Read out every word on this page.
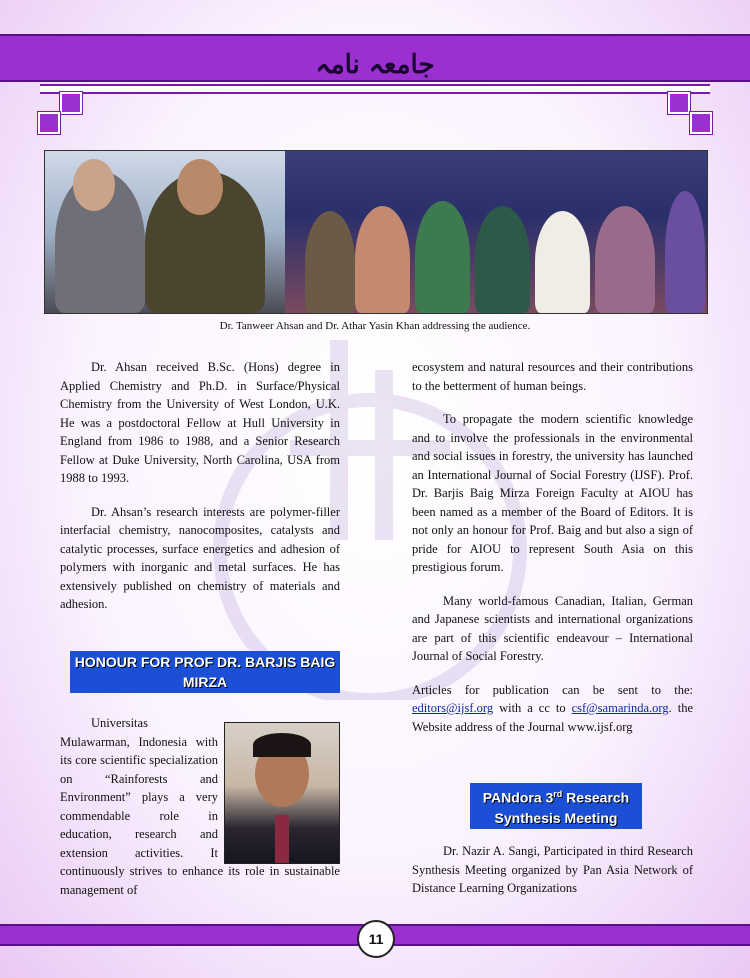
جامعہ نامہ
Dr. Tanweer Ahsan and Dr. Athar Yasin Khan addressing the audience.

Dr. Ahsan received B.Sc. (Hons) degree in Applied Chemistry and Ph.D. in Surface/Physical Chemistry from the University of West London, U.K. He was a postdoctoral Fellow at Hull University in England from 1986 to 1988, and a Senior Research Fellow at Duke University, North Carolina, USA from 1988 to 1993.

Dr. Ahsan’s research interests are polymer-filler interfacial chemistry, nanocomposites, catalysts and catalytic processes, surface energetics and adhesion of polymers with inorganic and metal surfaces. He has extensively published on chemistry of materials and adhesion.

HONOUR FOR PROF DR. BARJIS BAIG MIRZA

Universitas Mulawarman, Indonesia with its core scientific specialization on “Rainforests and Environment” plays a very commendable role in education, research and extension activities. It continuously strives to enhance its role in sustainable management of

ecosystem and natural resources and their contributions to the betterment of human beings.

To propagate the modern scientific knowledge and to involve the professionals in the environmental and social issues in forestry, the university has launched an International Journal of Social Forestry (IJSF). Prof. Dr. Barjis Baig Mirza Foreign Faculty at AIOU has been named as a member of the Board of Editors. It is not only an honour for Prof. Baig and but also a sign of pride for AIOU to represent South Asia on this prestigious forum.

Many world-famous Canadian, Italian, German and Japanese scientists and international organizations are part of this scientific endeavour – International Journal of Social Forestry.

Articles for publication can be sent to the: editors@ijsf.org with a cc to csf@samarinda.org. the Website address of the Journal www.ijsf.org

PANdora 3rd Research
Synthesis Meeting

Dr. Nazir A. Sangi, Participated in third Research Synthesis Meeting organized by Pan Asia Network of Distance Learning Organizations

11
